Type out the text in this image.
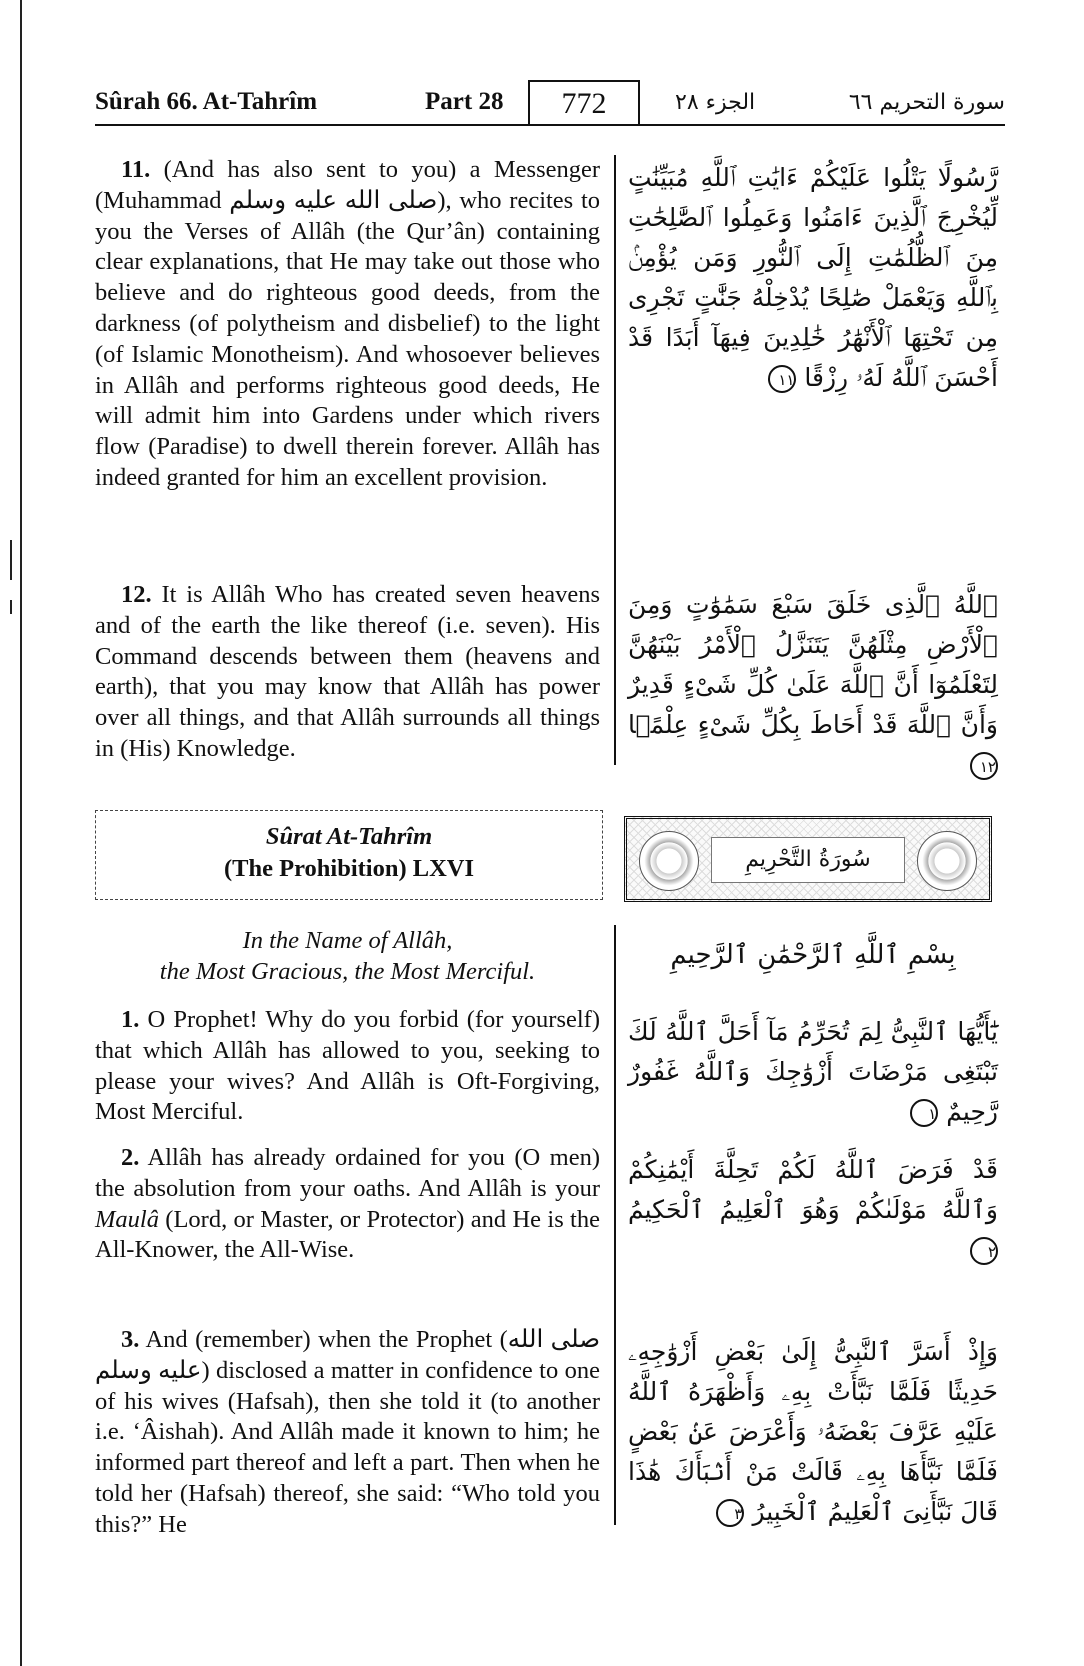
Sûrah 66. At-Tahrîm	Part 28	772	الجزء ٢٨	سورة التحريم ٦٦

11. (And has also sent to you) a Messenger (Muhammad صلى الله عليه وسلم), who recites to you the Verses of Allâh (the Qur’ân) containing clear explanations, that He may take out those who believe and do righteous good deeds, from the darkness (of polytheism and disbelief) to the light (of Islamic Monotheism). And whosoever believes in Allâh and performs righteous good deeds, He will admit him into Gardens under which rivers flow (Paradise) to dwell therein forever. Allâh has indeed granted for him an excellent provision.

رَّسُولًا يَتْلُوا عَلَيْكُمْ ءَايَٰتِ ٱللَّهِ مُبَيِّنَٰتٍ لِّيُخْرِجَ ٱلَّذِينَ ءَامَنُوا وَعَمِلُوا ٱلصَّٰلِحَٰتِ مِنَ ٱلظُّلُمَٰتِ إِلَى ٱلنُّورِ وَمَن يُؤْمِنۢ بِٱللَّهِ وَيَعْمَلْ صَٰلِحًا يُدْخِلْهُ جَنَّٰتٍ تَجْرِى مِن تَحْتِهَا ٱلْأَنْهَٰرُ خَٰلِدِينَ فِيهَآ أَبَدًا قَدْ أَحْسَنَ ٱللَّهُ لَهُۥ رِزْقًا ١١

12. It is Allâh Who has created seven heavens and of the earth the like thereof (i.e. seven). His Command descends between them (heavens and earth), that you may know that Allâh has power over all things, and that Allâh surrounds all things in (His) Knowledge.

ٱللَّهُ ٱلَّذِى خَلَقَ سَبْعَ سَمَٰوَٰتٍ وَمِنَ ٱلْأَرْضِ مِثْلَهُنَّ يَتَنَزَّلُ ٱلْأَمْرُ بَيْنَهُنَّ لِتَعْلَمُوٓا أَنَّ ٱللَّهَ عَلَىٰ كُلِّ شَىْءٍ قَدِيرٌ وَأَنَّ ٱللَّهَ قَدْ أَحَاطَ بِكُلِّ شَىْءٍ عِلْمًۢا ١٢
Sûrat At-Tahrîm
(The Prohibition) LXVI	سُورَةُ التَّحْرِيمِ
In the Name of Allâh,
the Most Gracious, the Most Merciful.
بِسْمِ ٱللَّهِ ٱلرَّحْمَٰنِ ٱلرَّحِيمِ

1. O Prophet! Why do you forbid (for yourself) that which Allâh has allowed to you, seeking to please your wives? And Allâh is Oft-Forgiving, Most Merciful.

يَٰٓأَيُّهَا ٱلنَّبِىُّ لِمَ تُحَرِّمُ مَآ أَحَلَّ ٱللَّهُ لَكَ تَبْتَغِى مَرْضَاتَ أَزْوَٰجِكَ وَٱللَّهُ غَفُورٌ رَّحِيمٌ ١

2. Allâh has already ordained for you (O men) the absolution from your oaths. And Allâh is your Maulâ (Lord, or Master, or Protector) and He is the All-Knower, the All-Wise.

قَدْ فَرَضَ ٱللَّهُ لَكُمْ تَحِلَّةَ أَيْمَٰنِكُمْ وَٱللَّهُ مَوْلَىٰكُمْ وَهُوَ ٱلْعَلِيمُ ٱلْحَكِيمُ ٢

3. And (remember) when the Prophet (صلى الله عليه وسلم) disclosed a matter in confidence to one of his wives (Hafsah), then she told it (to another i.e. ‘Âishah). And Allâh made it known to him; he informed part thereof and left a part. Then when he told her (Hafsah) thereof, she said: “Who told you this?” He

وَإِذْ أَسَرَّ ٱلنَّبِىُّ إِلَىٰ بَعْضِ أَزْوَٰجِهِۦ حَدِيثًا فَلَمَّا نَبَّأَتْ بِهِۦ وَأَظْهَرَهُ ٱللَّهُ عَلَيْهِ عَرَّفَ بَعْضَهُۥ وَأَعْرَضَ عَنۢ بَعْضٍ فَلَمَّا نَبَّأَهَا بِهِۦ قَالَتْ مَنْ أَنۢبَأَكَ هَٰذَا قَالَ نَبَّأَنِىَ ٱلْعَلِيمُ ٱلْخَبِيرُ ٣
